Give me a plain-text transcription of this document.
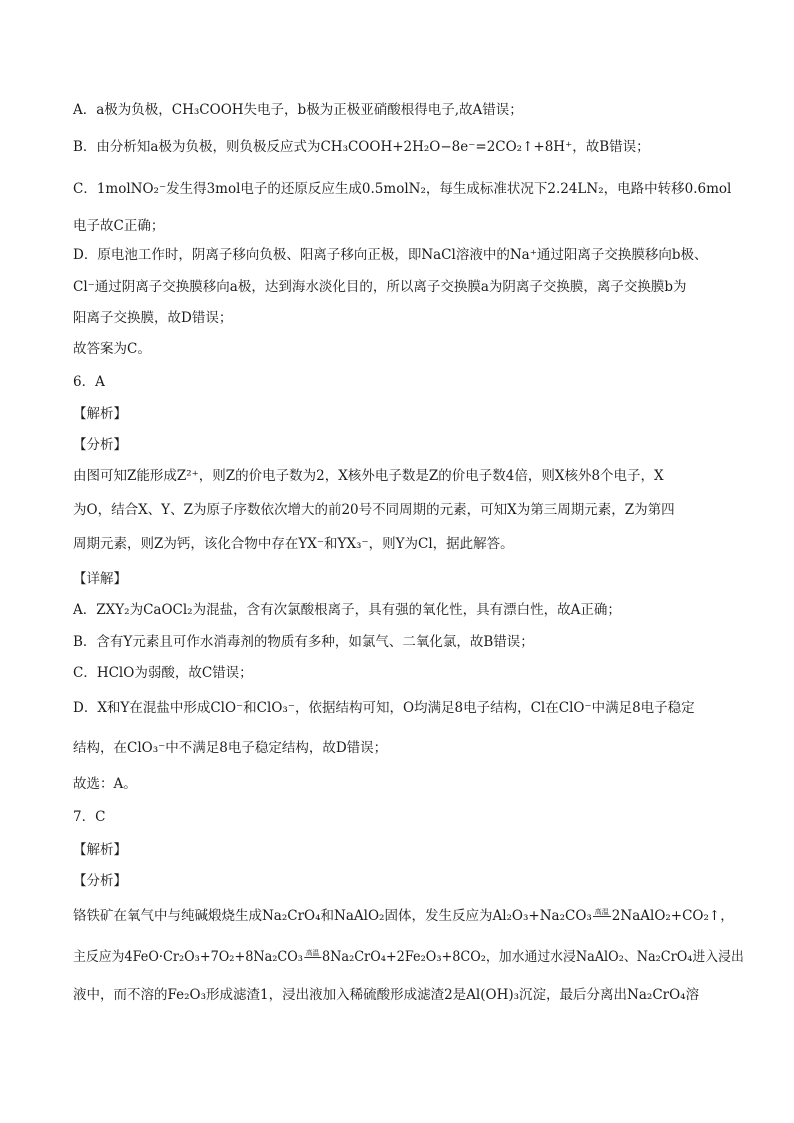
A．a极为负极，CH₃COOH失电子，b极为正极亚硝酸根得电子,故A错误；
B．由分析知a极为负极，则负极反应式为CH₃COOH+2H₂O−8e⁻=2CO₂↑+8H⁺，故B错误；
C．1molNO₂⁻发生得3mol电子的还原反应生成0.5molN₂，每生成标准状况下2.24LN₂，电路中转移0.6mol
电子故C正确；
D．原电池工作时，阴离子移向负极、阳离子移向正极，即NaCl溶液中的Na⁺通过阳离子交换膜移向b极、
Cl⁻通过阴离子交换膜移向a极，达到海水淡化目的，所以离子交换膜a为阴离子交换膜，离子交换膜b为
阳离子交换膜，故D错误；
故答案为C。
6．A
【解析】
【分析】
由图可知Z能形成Z²⁺，则Z的价电子数为2，X核外电子数是Z的价电子数4倍，则X核外8个电子，X
为O，结合X、Y、Z为原子序数依次增大的前20号不同周期的元素，可知X为第三周期元素，Z为第四
周期元素，则Z为钙，该化合物中存在YX⁻和YX₃⁻，则Y为Cl，据此解答。
【详解】
A．ZXY₂为CaOCl₂为混盐，含有次氯酸根离子，具有强的氧化性，具有漂白性，故A正确；
B．含有Y元素且可作水消毒剂的物质有多种，如氯气、二氧化氯，故B错误；
C．HClO为弱酸，故C错误；
D．X和Y在混盐中形成ClO⁻和ClO₃⁻，依据结构可知，O均满足8电子结构，Cl在ClO⁻中满足8电子稳定
结构，在ClO₃⁻中不满足8电子稳定结构，故D错误；
故选：A。
7．C
【解析】
【分析】
铬铁矿在氧气中与纯碱煅烧生成Na₂CrO₄和NaAlO₂固体，发生反应为Al₂O₃+Na₂CO₃ 高温 2NaAlO₂+CO₂↑，
主反应为4FeO·Cr₂O₃+7O₂+8Na₂CO₃ 高温 8Na₂CrO₄+2Fe₂O₃+8CO₂，加水通过水浸NaAlO₂、Na₂CrO₄进入浸出
液中，而不溶的Fe₂O₃形成滤渣1，浸出液加入稀硫酸形成滤渣2是Al(OH)₃沉淀，最后分离出Na₂CrO₄溶
